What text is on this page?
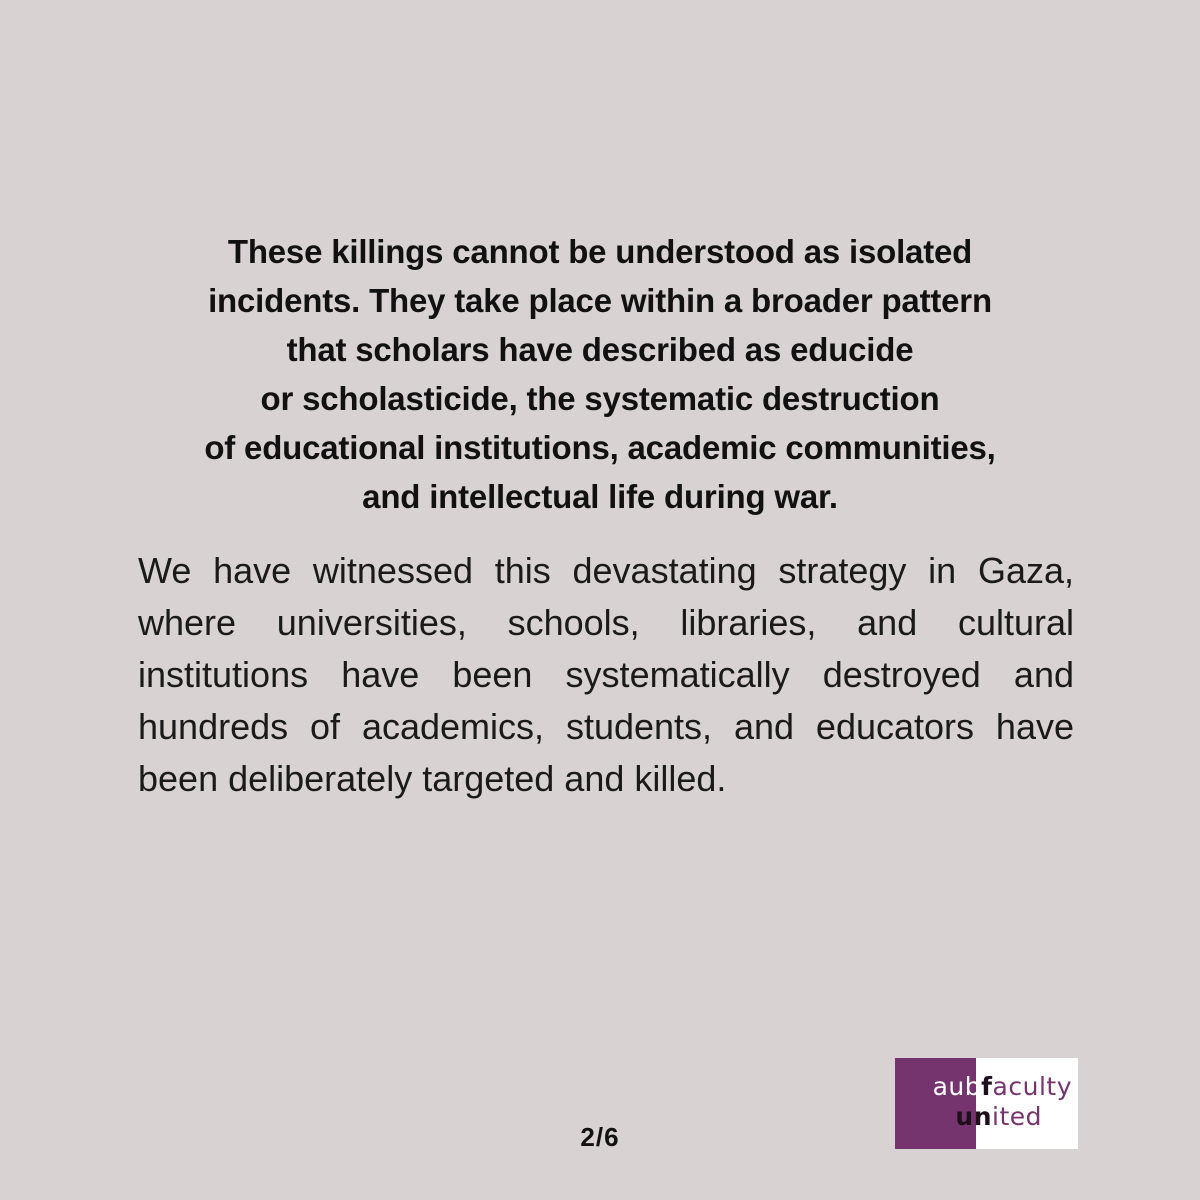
These killings cannot be understood as isolated
incidents. They take place within a broader pattern
that scholars have described as educide
or scholasticide, the systematic destruction
of educational institutions, academic communities,
and intellectual life during war.

We have witnessed this devastating strategy in Gaza,
where universities, schools, libraries, and cultural
institutions have been systematically destroyed and
hundreds of academics, students, and educators have
been deliberately targeted and killed.

2/6
aubfaculty
united
